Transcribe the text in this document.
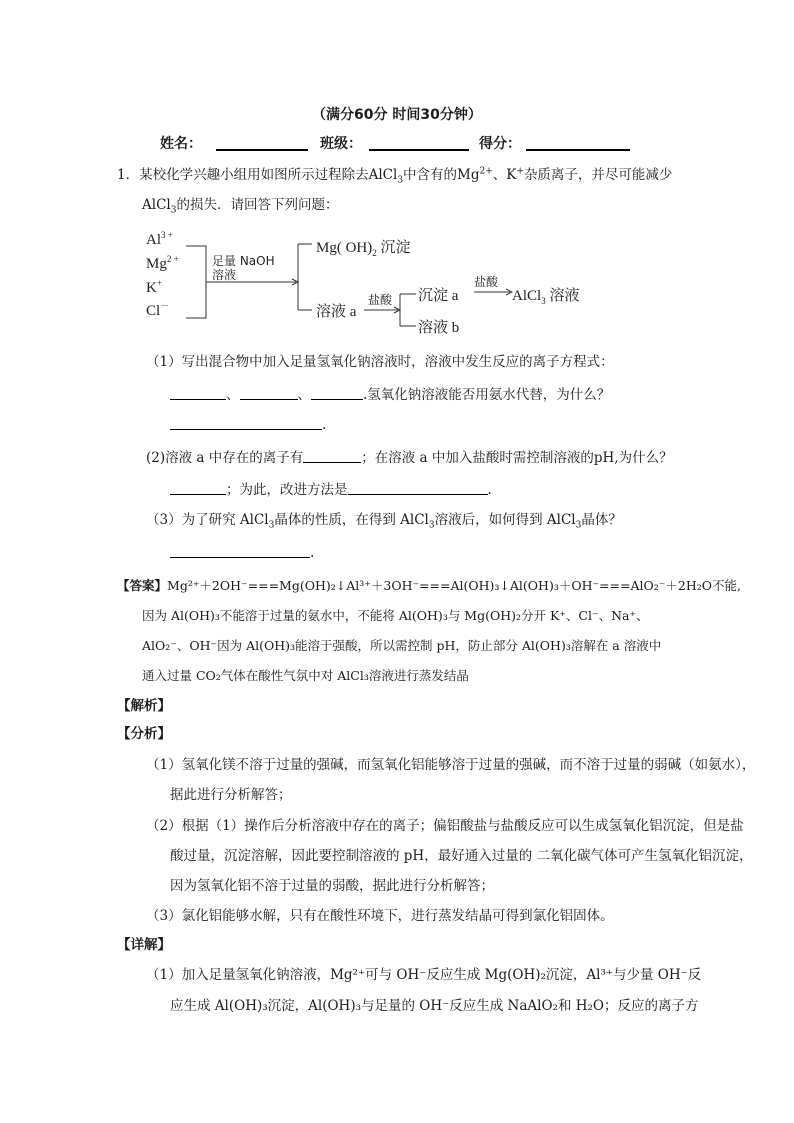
（满分60分 时间30分钟）
姓名：	班级：	得分：
1．某校化学兴趣小组用如图所示过程除去AlCl$_3$中含有的$Mg^{2+}$、K+杂质离子，并尽可能减少
AlCl$_3$的损失．请回答下列问题：
$Al^{3 +}$
$Mg^{2 +}$
K+
Cl－
足量 NaOH
溶液
Mg( $OH)_2$ 沉淀
溶液 a
盐酸 沉淀 a
盐酸
AlCl$_3$ 溶液
溶液 b
（1）写出混合物中加入足量氢氧化钠溶液时，溶液中发生反应的离子方程式：
、	、	.氢氧化钠溶液能否用氨水代替，为什么？
.
(2)溶液 a 中存在的离子有	；在溶液 a 中加入盐酸时需控制溶液的pH,为什么？
；为此，改进方法是	.
（3）为了研究 AlCl$_3$晶体的性质，在得到 AlCl$_3$溶液后，如何得到 AlCl$_3$晶体？
.
【答案】Mg²⁺＋2OH⁻===Mg(OH)₂↓Al³⁺＋3OH⁻===Al(OH)₃↓Al(OH)₃＋OH⁻===AlO₂⁻＋2H₂O不能,
因为 Al(OH)₃不能溶于过量的氨水中，不能将 Al(OH)₃与 Mg(OH)₂分开 K⁺、Cl⁻、Na⁺、
AlO₂⁻、OH⁻因为 Al(OH)₃能溶于强酸，所以需控制 pH，防止部分 Al(OH)₃溶解在 a 溶液中
通入过量 CO₂气体在酸性气氛中对 AlCl₃溶液进行蒸发结晶
【解析】
【分析】
（1）氢氧化镁不溶于过量的强碱，而氢氧化铝能够溶于过量的强碱，而不溶于过量的弱碱（如氨水），
据此进行分析解答；
（2）根据（1）操作后分析溶液中存在的离子；偏铝酸盐与盐酸反应可以生成氢氧化铝沉淀，但是盐
酸过量，沉淀溶解，因此要控制溶液的 pH，最好通入过量的 二氧化碳气体可产生氢氧化铝沉淀，
因为氢氧化铝不溶于过量的弱酸，据此进行分析解答；
（3）氯化铝能够水解，只有在酸性环境下，进行蒸发结晶可得到氯化铝固体。
【详解】
（1）加入足量氢氧化钠溶液，Mg²⁺可与 OH⁻反应生成 Mg(OH)₂沉淀，Al³⁺与少量 OH⁻反
应生成 Al(OH)₃沉淀，Al(OH)₃与足量的 OH⁻反应生成 NaAlO₂和 H₂O；反应的离子方
